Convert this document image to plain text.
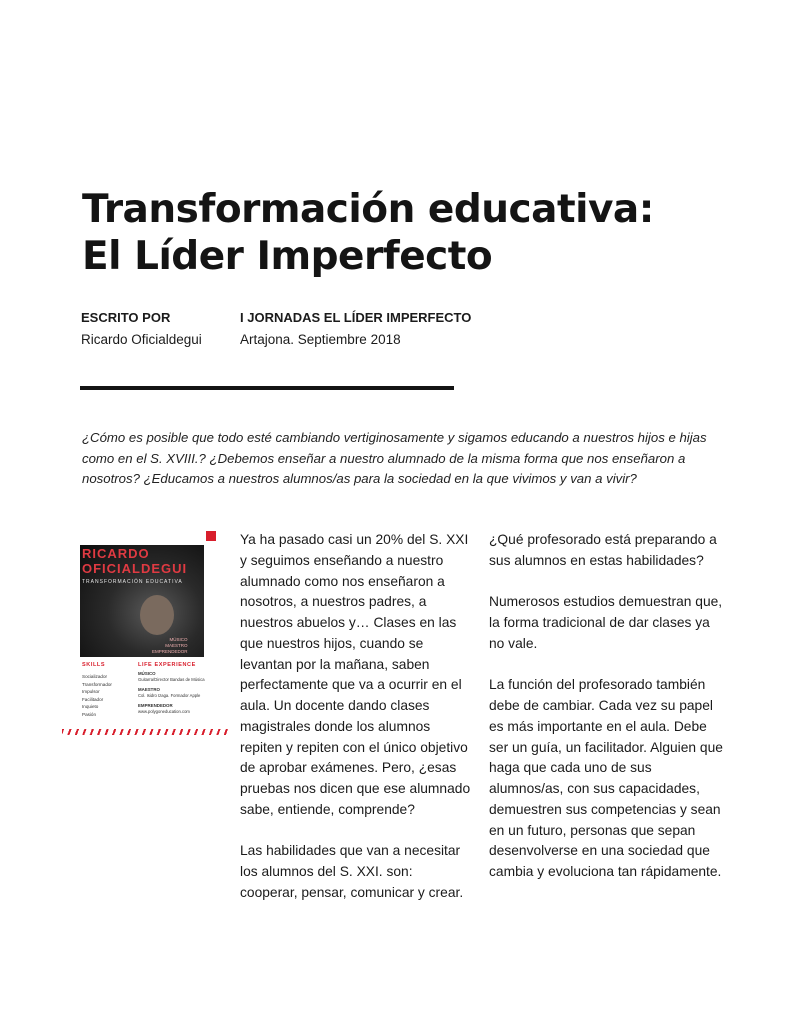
Transformación educativa:
El Líder Imperfecto
ESCRITO POR
Ricardo Oficialdegui
I JORNADAS EL LÍDER IMPERFECTO
Artajona. Septiembre 2018
¿Cómo es posible que todo esté cambiando vertiginosamente y sigamos educando a nuestros hijos e hijas como en el S. XVIII.? ¿Debemos enseñar a nuestro alumnado de la misma forma que nos enseñaron a nosotros? ¿Educamos a nuestros alumnos/as para la sociedad en la que vivimos y van a vivir?
RICARDO
OFICIALDEGUI
TRANSFORMACIÓN EDUCATIVA
MÚSICO
MAESTRO
EMPRENDEDOR
SKILLS	LIFE EXPERIENCE
Socializador
Transformador
Impulsor
Facilitador
Inquieto
Pasión
MÚSICO
Guitarra/Director Bandas de Música
MAESTRO
Col. Isidro Izaga. Formador Apple
EMPRENDEDOR
www.polygoneducation.com

Ya ha pasado casi un 20% del S. XXI y seguimos enseñando a nuestro alumnado como nos enseñaron a nosotros, a nuestros padres, a nuestros abuelos y… Clases en las que nuestros hijos, cuando se levantan por la mañana, saben perfectamente que va a ocurrir en el aula. Un docente dando clases magistrales donde los alumnos repiten y repiten con el único objetivo de aprobar exámenes. Pero, ¿esas pruebas nos dicen que ese alumnado sabe, entiende, comprende?

Las habilidades que van a necesitar los alumnos del S. XXI. son: cooperar, pensar, comunicar y crear.

¿Qué profesorado está preparando a sus alumnos en estas habilidades?

Numerosos estudios demuestran que, la forma tradicional de dar clases ya no vale.

La función del profesorado también debe de cambiar. Cada vez su papel es más importante en el aula. Debe ser un guía, un facilitador. Alguien que haga que cada uno de sus alumnos/as, con sus capacidades, demuestren sus competencias y sean en un futuro, personas que sepan desenvolverse en una sociedad que cambia y evoluciona tan rápidamente.
